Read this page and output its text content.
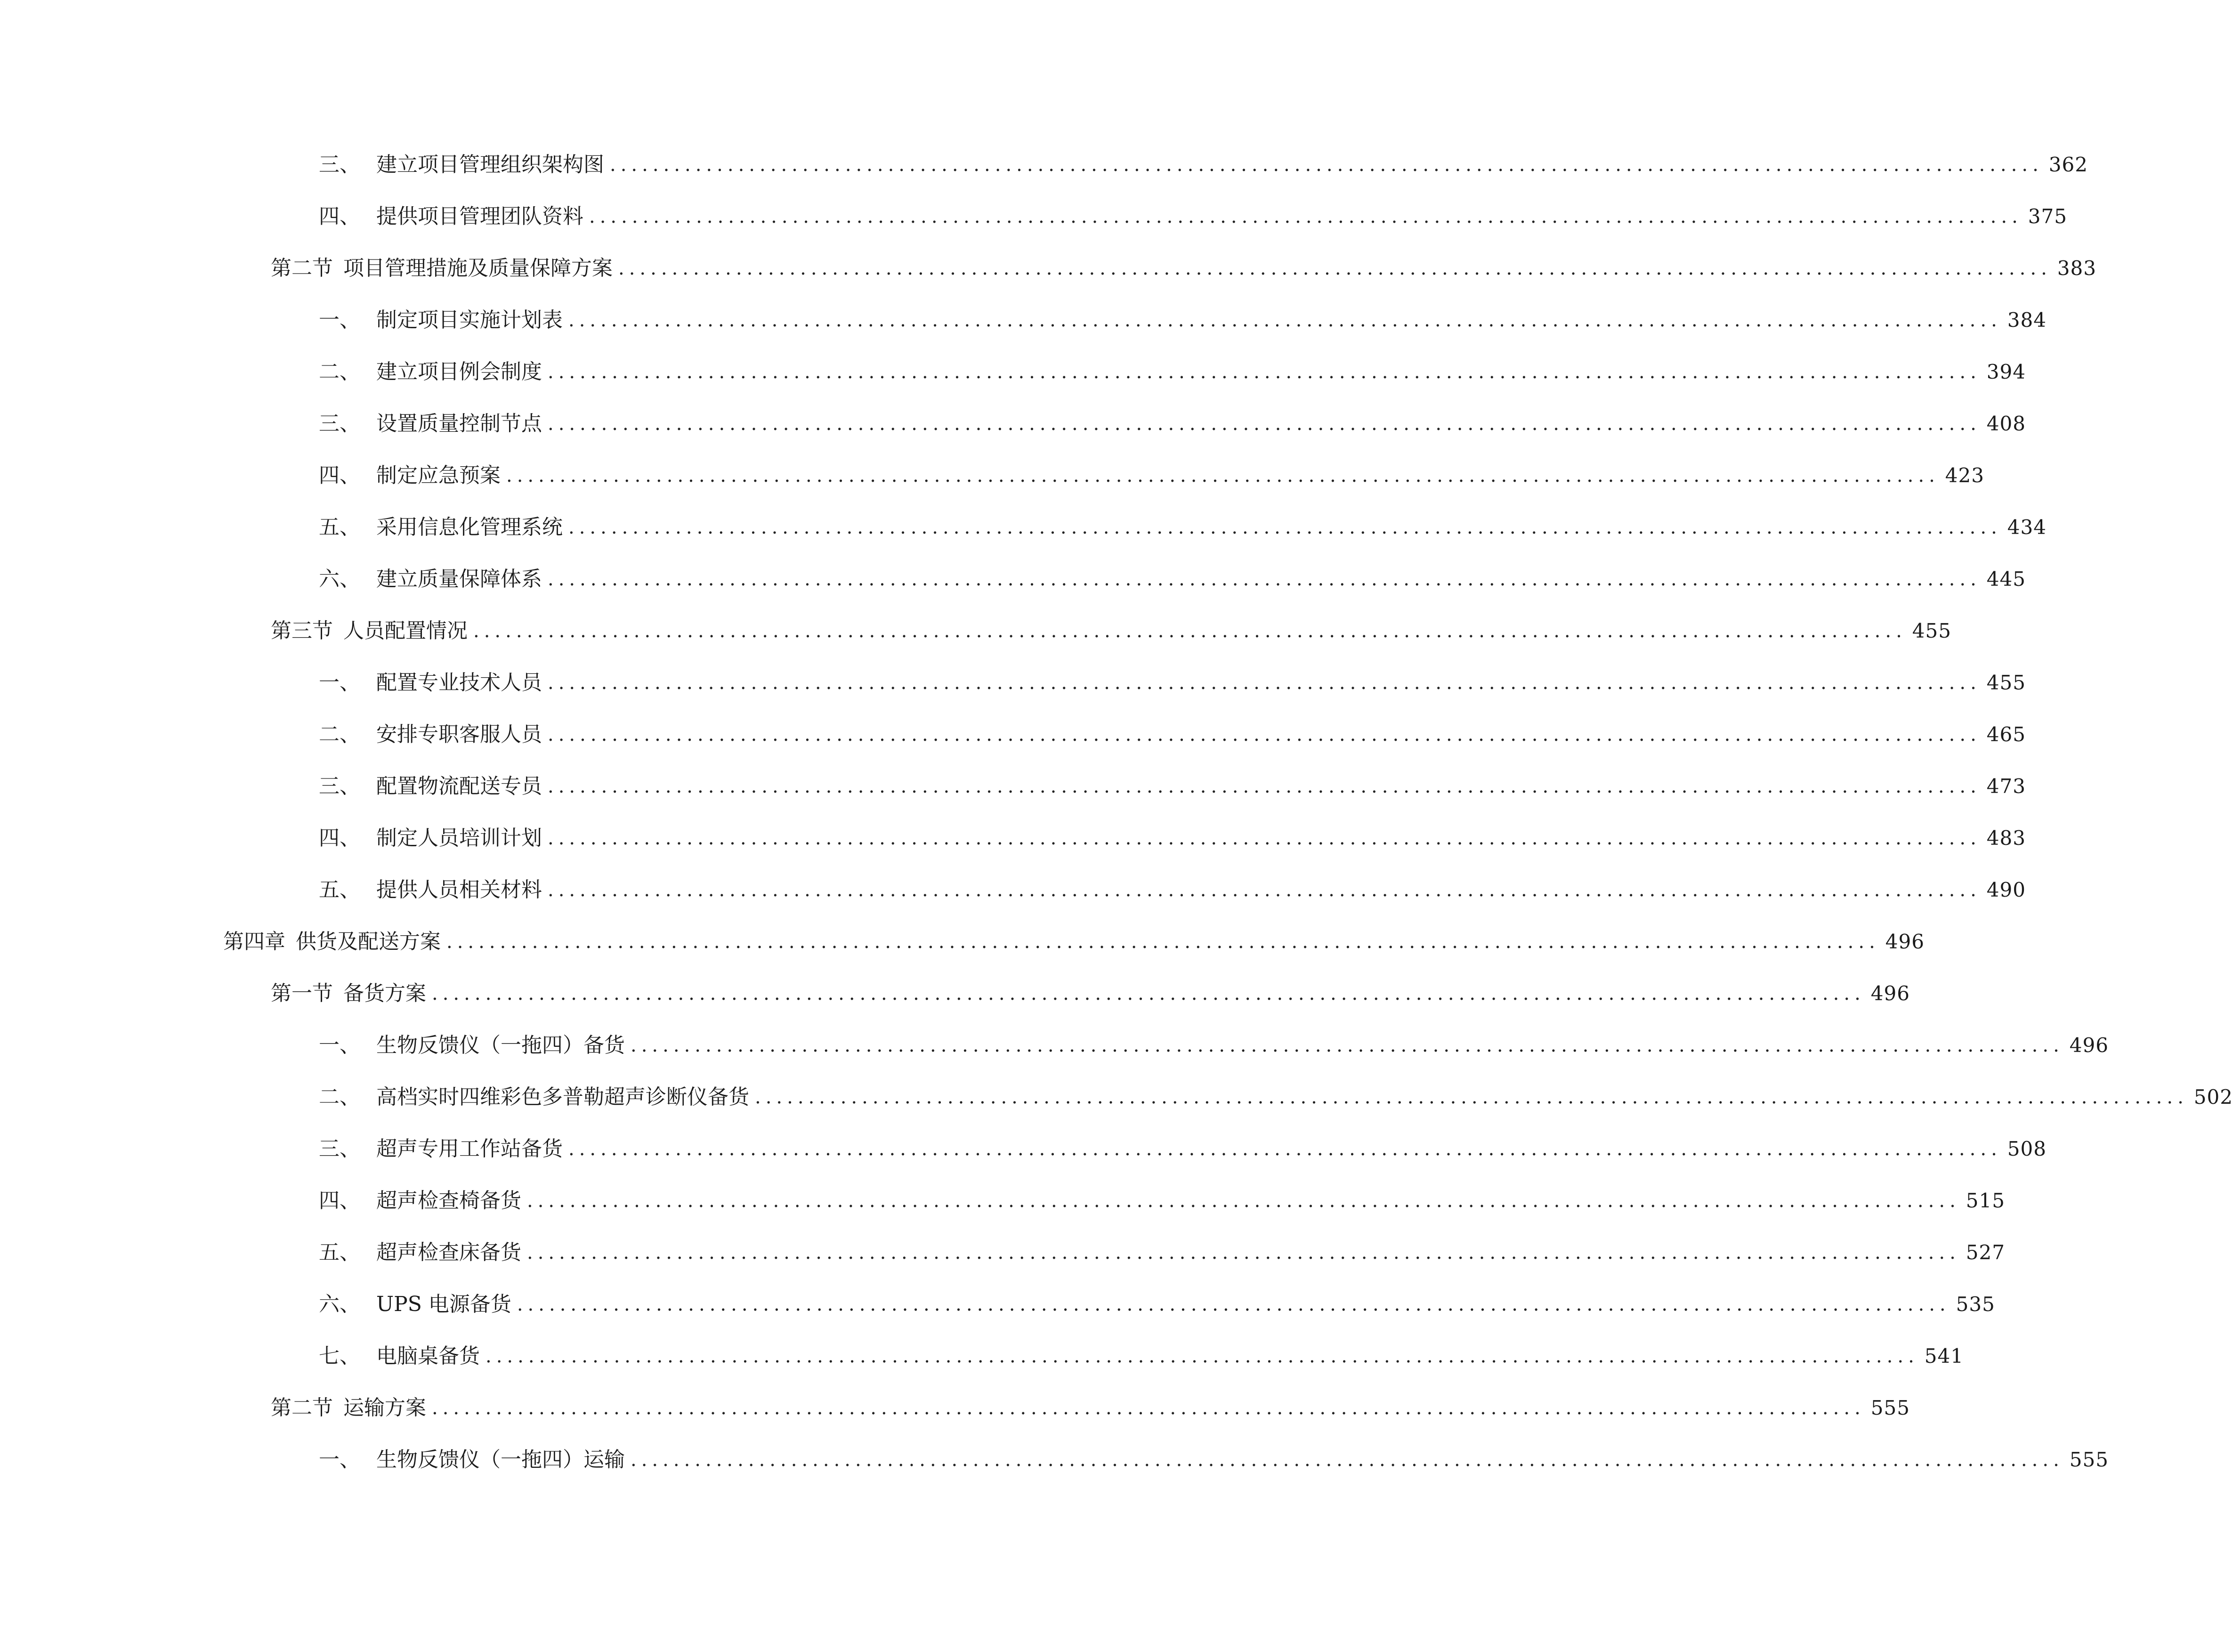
三、 建立项目管理组织架构图 ...................................................................................................................................... 362
四、 提供项目管理团队资料 ...................................................................................................................................... 375
第二节 项目管理措施及质量保障方案 ...................................................................................................................................... 383
一、 制定项目实施计划表 ...................................................................................................................................... 384
二、 建立项目例会制度 ...................................................................................................................................... 394
三、 设置质量控制节点 ...................................................................................................................................... 408
四、 制定应急预案 ...................................................................................................................................... 423
五、 采用信息化管理系统 ...................................................................................................................................... 434
六、 建立质量保障体系 ...................................................................................................................................... 445
第三节 人员配置情况 ...................................................................................................................................... 455
一、 配置专业技术人员 ...................................................................................................................................... 455
二、 安排专职客服人员 ...................................................................................................................................... 465
三、 配置物流配送专员 ...................................................................................................................................... 473
四、 制定人员培训计划 ...................................................................................................................................... 483
五、 提供人员相关材料 ...................................................................................................................................... 490
第四章 供货及配送方案 ...................................................................................................................................... 496
第一节 备货方案 ...................................................................................................................................... 496
一、 生物反馈仪（一拖四）备货 ...................................................................................................................................... 496
二、 高档实时四维彩色多普勒超声诊断仪备货 ...................................................................................................................................... 502
三、 超声专用工作站备货 ...................................................................................................................................... 508
四、 超声检查椅备货 ...................................................................................................................................... 515
五、 超声检查床备货 ...................................................................................................................................... 527
六、 UPS 电源备货 ...................................................................................................................................... 535
七、 电脑桌备货 ...................................................................................................................................... 541
第二节 运输方案 ...................................................................................................................................... 555
一、 生物反馈仪（一拖四）运输 ...................................................................................................................................... 555
